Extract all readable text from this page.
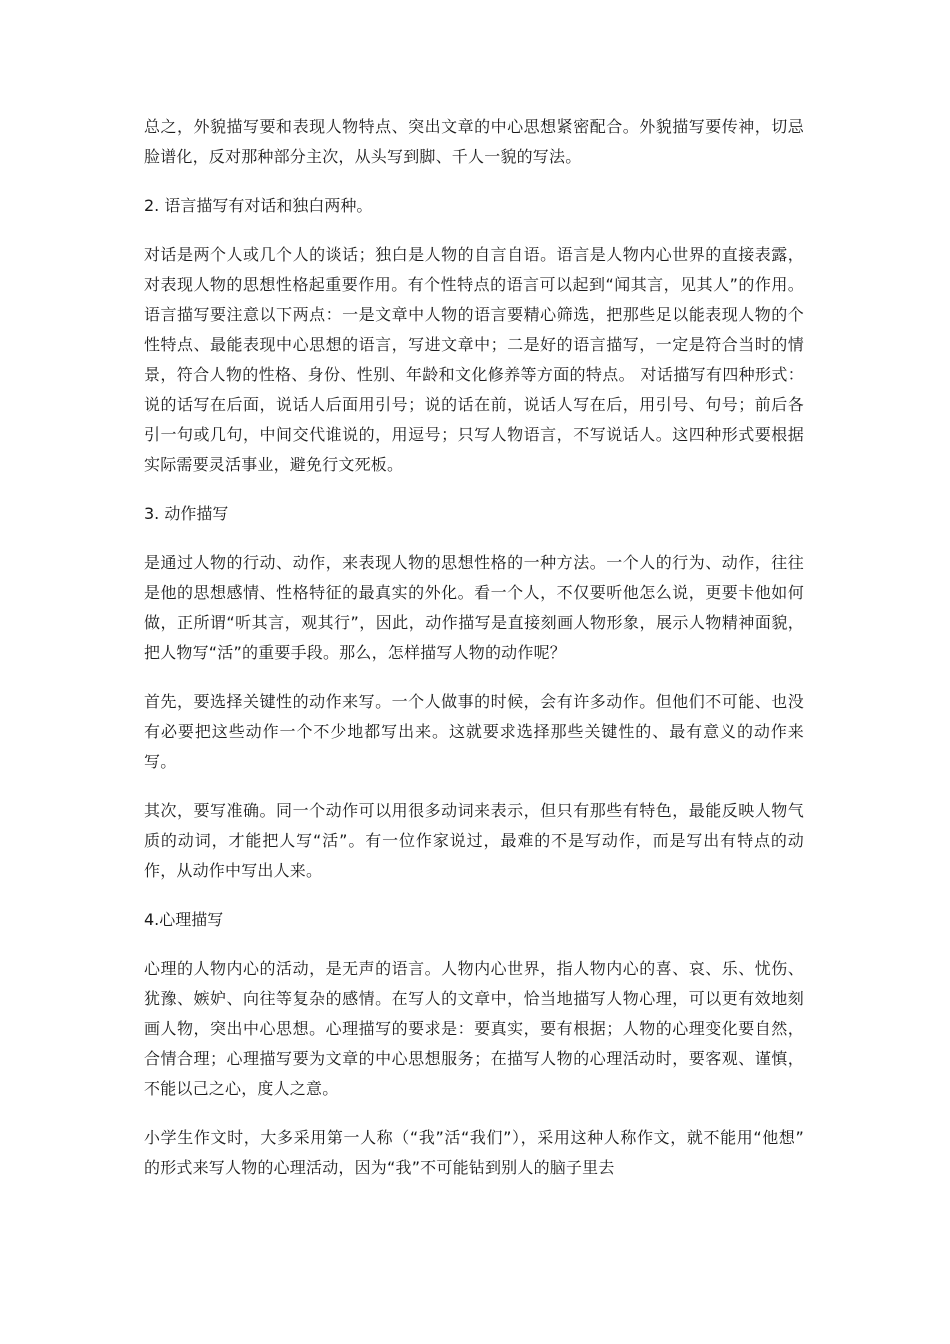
总之，外貌描写要和表现人物特点、突出文章的中心思想紧密配合。外貌描写要传神，切忌脸谱化，反对那种部分主次，从头写到脚、千人一貌的写法。

2. 语言描写有对话和独白两种。

对话是两个人或几个人的谈话；独白是人物的自言自语。语言是人物内心世界的直接表露，对表现人物的思想性格起重要作用。有个性特点的语言可以起到“闻其言，见其人”的作用。语言描写要注意以下两点：一是文章中人物的语言要精心筛选，把那些足以能表现人物的个性特点、最能表现中心思想的语言，写进文章中；二是好的语言描写，一定是符合当时的情景，符合人物的性格、身份、性别、年龄和文化修养等方面的特点。 对话描写有四种形式：说的话写在后面，说话人后面用引号；说的话在前，说话人写在后，用引号、句号；前后各引一句或几句，中间交代谁说的，用逗号；只写人物语言，不写说话人。这四种形式要根据实际需要灵活事业，避免行文死板。

3. 动作描写

是通过人物的行动、动作，来表现人物的思想性格的一种方法。一个人的行为、动作，往往是他的思想感情、性格特征的最真实的外化。看一个人，不仅要听他怎么说，更要卡他如何做，正所谓“听其言，观其行”，因此，动作描写是直接刻画人物形象，展示人物精神面貌，把人物写“活”的重要手段。那么，怎样描写人物的动作呢？

首先，要选择关键性的动作来写。一个人做事的时候，会有许多动作。但他们不可能、也没有必要把这些动作一个不少地都写出来。这就要求选择那些关键性的、最有意义的动作来写。

其次，要写准确。同一个动作可以用很多动词来表示，但只有那些有特色，最能反映人物气质的动词，才能把人写“活”。有一位作家说过，最难的不是写动作，而是写出有特点的动作，从动作中写出人来。

4.心理描写

心理的人物内心的活动，是无声的语言。人物内心世界，指人物内心的喜、哀、乐、忧伤、犹豫、嫉妒、向往等复杂的感情。在写人的文章中，恰当地描写人物心理，可以更有效地刻画人物，突出中心思想。心理描写的要求是：要真实，要有根据；人物的心理变化要自然，合情合理；心理描写要为文章的中心思想服务；在描写人物的心理活动时，要客观、谨慎，不能以己之心，度人之意。

小学生作文时，大多采用第一人称（“我”活“我们”），采用这种人称作文，就不能用“他想” 的形式来写人物的心理活动，因为“我”不可能钻到别人的脑子里去
